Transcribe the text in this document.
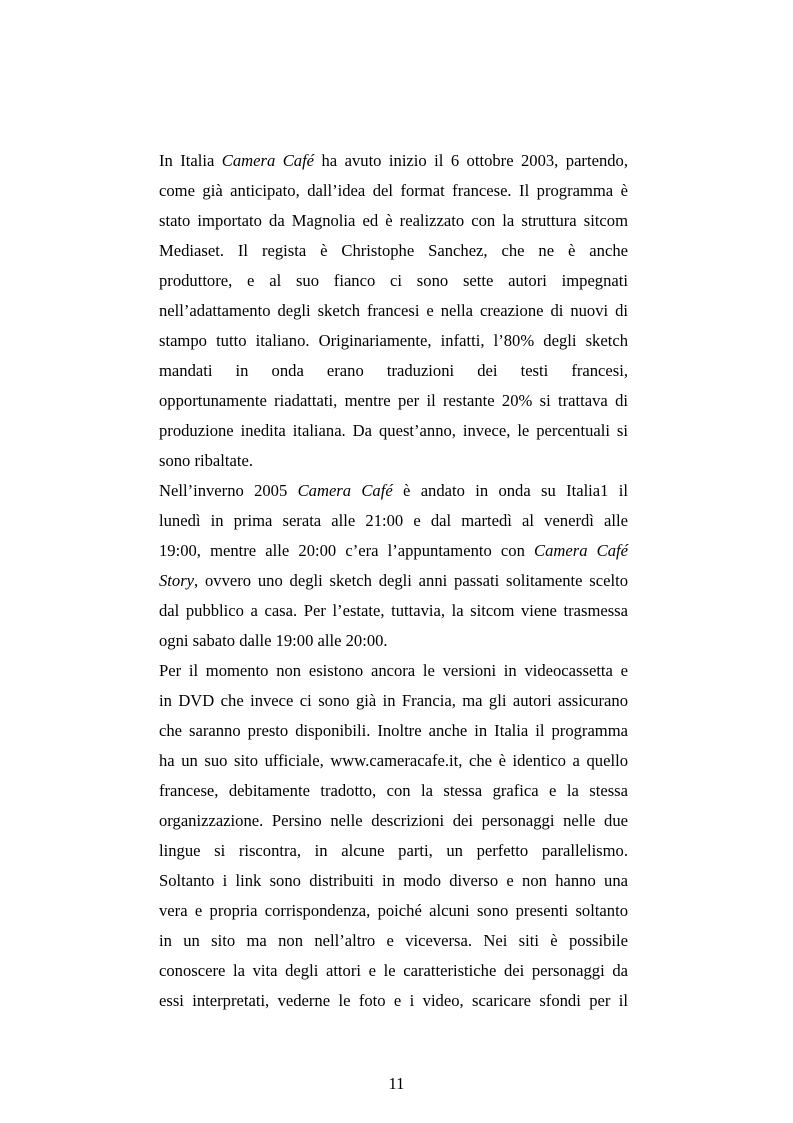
In Italia Camera Café ha avuto inizio il 6 ottobre 2003, partendo,
come già anticipato, dall’idea del format francese. Il programma è
stato importato da Magnolia ed è realizzato con la struttura sitcom
Mediaset. Il regista è Christophe Sanchez, che ne è anche
produttore, e al suo fianco ci sono sette autori impegnati
nell’adattamento degli sketch francesi e nella creazione di nuovi di
stampo tutto italiano. Originariamente, infatti, l’80% degli sketch
mandati in onda erano traduzioni dei testi francesi,
opportunamente riadattati, mentre per il restante 20% si trattava di
produzione inedita italiana. Da quest’anno, invece, le percentuali si
sono ribaltate.
Nell’inverno 2005 Camera Café è andato in onda su Italia1 il
lunedì in prima serata alle 21:00 e dal martedì al venerdì alle
19:00, mentre alle 20:00 c’era l’appuntamento con Camera Café
Story, ovvero uno degli sketch degli anni passati solitamente scelto
dal pubblico a casa. Per l’estate, tuttavia, la sitcom viene trasmessa
ogni sabato dalle 19:00 alle 20:00.
Per il momento non esistono ancora le versioni in videocassetta e
in DVD che invece ci sono già in Francia, ma gli autori assicurano
che saranno presto disponibili. Inoltre anche in Italia il programma
ha un suo sito ufficiale, www.cameracafe.it, che è identico a quello
francese, debitamente tradotto, con la stessa grafica e la stessa
organizzazione. Persino nelle descrizioni dei personaggi nelle due
lingue si riscontra, in alcune parti, un perfetto parallelismo.
Soltanto i link sono distribuiti in modo diverso e non hanno una
vera e propria corrispondenza, poiché alcuni sono presenti soltanto
in un sito ma non nell’altro e viceversa. Nei siti è possibile
conoscere la vita degli attori e le caratteristiche dei personaggi da
essi interpretati, vederne le foto e i video, scaricare sfondi per il
11
